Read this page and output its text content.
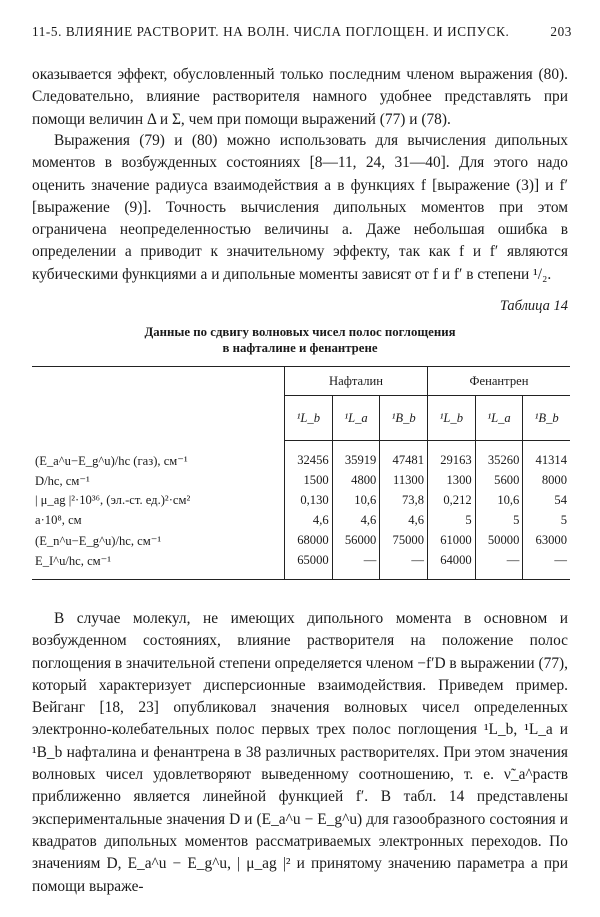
11-5. ВЛИЯНИЕ РАСТВОРИТ. НА ВОЛН. ЧИСЛА ПОГЛОЩЕН. И ИСПУСК.	203

оказывается эффект, обусловленный только последним членом выражения (80). Следовательно, влияние растворителя намного удобнее представлять при помощи величин Δ и Σ, чем при помощи выражений (77) и (78).

Выражения (79) и (80) можно использовать для вычисления дипольных моментов в возбужденных состояниях [8—11, 24, 31—40]. Для этого надо оценить значение радиуса взаимодействия a в функциях f [выражение (3)] и f′ [выражение (9)]. Точность вычисления дипольных моментов при этом ограничена неопределенностью величины a. Даже небольшая ошибка в определении a приводит к значительному эффекту, так как f и f′ являются кубическими функциями a и дипольные моменты зависят от f и f′ в степени ¹/₂.

Таблица 14
Данные по сдвигу волновых чисел полос поглощения
в нафталине и фенантрене
	Нафталин			Фенантрен		
	¹L_b	¹L_a	¹B_b	¹L_b	¹L_a	¹B_b
(E_a^u−E_g^u)/hc (газ), см⁻¹	32456	35919	47481	29163	35260	41314
D/hc, см⁻¹	1500	4800	11300	1300	5600	8000
| μ_ag |²·10³⁶, (эл.-ст. ед.)²·см²	0,130	10,6	73,8	0,212	10,6	54
a·10⁸, см	4,6	4,6	4,6	5	5	5
(E_n^u−E_g^u)/hc, см⁻¹	68000	56000	75000	61000	50000	63000
E_I^u/hc, см⁻¹	65000	—	—	64000	—	—

В случае молекул, не имеющих дипольного момента в основном и возбужденном состояниях, влияние растворителя на положение полос поглощения в значительной степени определяется членом −f′D в выражении (77), который характеризует дисперсионные взаимодействия. Приведем пример. Вейганг [18, 23] опубликовал значения волновых чисел определенных электронно-колебательных полос первых трех полос поглощения ¹L_b, ¹L_a и ¹B_b нафталина и фенантрена в 38 различных растворителях. При этом значения волновых чисел удовлетворяют выведенному соотношению, т. е. ν̃_a^раств приближенно является линейной функцией f′. В табл. 14 представлены экспериментальные значения D и (E_a^u − E_g^u) для газообразного состояния и квадратов дипольных моментов рассматриваемых электронных переходов. По значениям D, E_a^u − E_g^u, | μ_ag |² и принятому значению параметра a при помощи выраже-
